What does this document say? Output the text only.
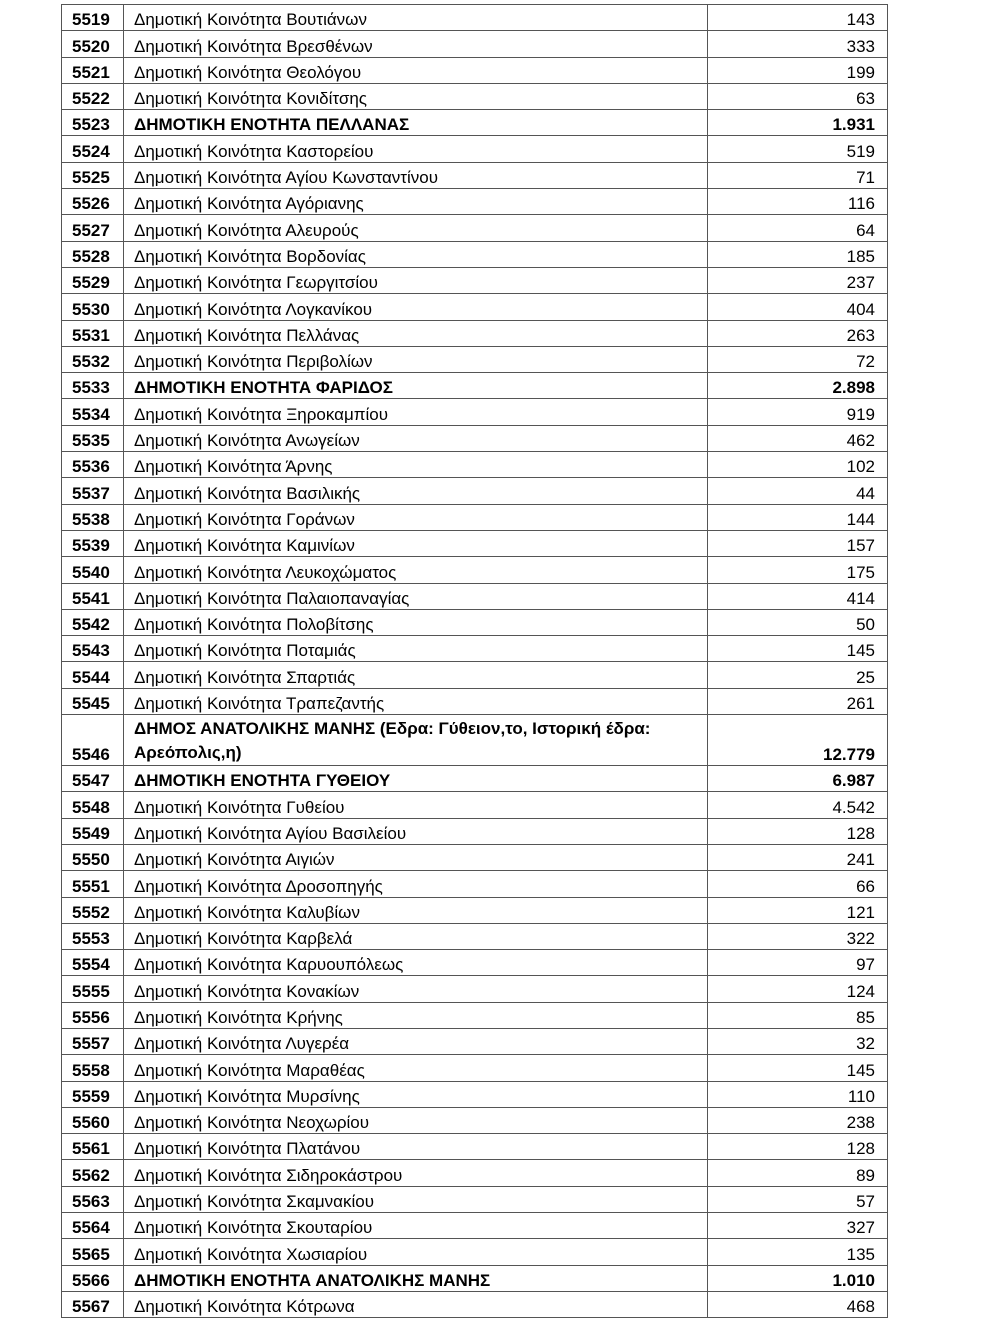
5519	Δημοτική Κοινότητα Βουτιάνων	143
5520	Δημοτική Κοινότητα Βρεσθένων	333
5521	Δημοτική Κοινότητα Θεολόγου	199
5522	Δημοτική Κοινότητα Κονιδίτσης	63
5523	ΔΗΜΟΤΙΚΗ ΕΝΟΤΗΤΑ ΠΕΛΛΑΝΑΣ	1.931
5524	Δημοτική Κοινότητα Καστορείου	519
5525	Δημοτική Κοινότητα Αγίου Κωνσταντίνου	71
5526	Δημοτική Κοινότητα Αγόριανης	116
5527	Δημοτική Κοινότητα Αλευρούς	64
5528	Δημοτική Κοινότητα Βορδονίας	185
5529	Δημοτική Κοινότητα Γεωργιτσίου	237
5530	Δημοτική Κοινότητα Λογκανίκου	404
5531	Δημοτική Κοινότητα Πελλάνας	263
5532	Δημοτική Κοινότητα Περιβολίων	72
5533	ΔΗΜΟΤΙΚΗ ΕΝΟΤΗΤΑ ΦΑΡΙΔΟΣ	2.898
5534	Δημοτική Κοινότητα Ξηροκαμπίου	919
5535	Δημοτική Κοινότητα Ανωγείων	462
5536	Δημοτική Κοινότητα Άρνης	102
5537	Δημοτική Κοινότητα Βασιλικής	44
5538	Δημοτική Κοινότητα Γοράνων	144
5539	Δημοτική Κοινότητα Καμινίων	157
5540	Δημοτική Κοινότητα Λευκοχώματος	175
5541	Δημοτική Κοινότητα Παλαιοπαναγίας	414
5542	Δημοτική Κοινότητα Πολοβίτσης	50
5543	Δημοτική Κοινότητα Ποταμιάς	145
5544	Δημοτική Κοινότητα Σπαρτιάς	25
5545	Δημοτική Κοινότητα Τραπεζαντής	261
5546	ΔΗΜΟΣ ΑΝΑΤΟΛΙΚΗΣ ΜΑΝΗΣ (Εδρα: Γύθειον,το, Ιστορική έδρα: Αρεόπολις,η)	12.779
5547	ΔΗΜΟΤΙΚΗ ΕΝΟΤΗΤΑ ΓΥΘΕΙΟΥ	6.987
5548	Δημοτική Κοινότητα Γυθείου	4.542
5549	Δημοτική Κοινότητα Αγίου Βασιλείου	128
5550	Δημοτική Κοινότητα Αιγιών	241
5551	Δημοτική Κοινότητα Δροσοπηγής	66
5552	Δημοτική Κοινότητα Καλυβίων	121
5553	Δημοτική Κοινότητα Καρβελά	322
5554	Δημοτική Κοινότητα Καρυουπόλεως	97
5555	Δημοτική Κοινότητα Κονακίων	124
5556	Δημοτική Κοινότητα Κρήνης	85
5557	Δημοτική Κοινότητα Λυγερέα	32
5558	Δημοτική Κοινότητα Μαραθέας	145
5559	Δημοτική Κοινότητα Μυρσίνης	110
5560	Δημοτική Κοινότητα Νεοχωρίου	238
5561	Δημοτική Κοινότητα Πλατάνου	128
5562	Δημοτική Κοινότητα Σιδηροκάστρου	89
5563	Δημοτική Κοινότητα Σκαμνακίου	57
5564	Δημοτική Κοινότητα Σκουταρίου	327
5565	Δημοτική Κοινότητα Χωσιαρίου	135
5566	ΔΗΜΟΤΙΚΗ ΕΝΟΤΗΤΑ ΑΝΑΤΟΛΙΚΗΣ ΜΑΝΗΣ	1.010
5567	Δημοτική Κοινότητα Κότρωνα	468
